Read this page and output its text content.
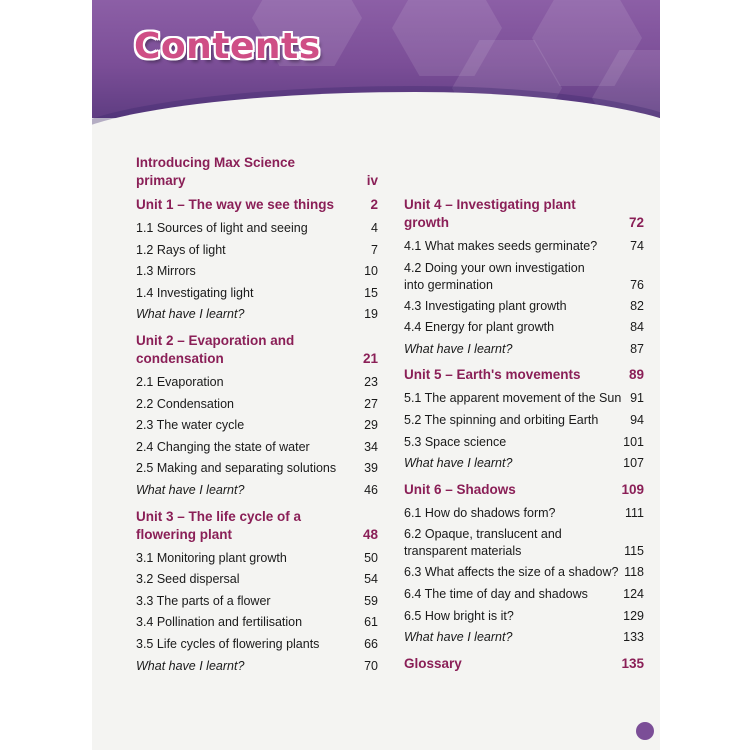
Contents
Introducing Max Science primary	iv
Unit 1 – The way we see things	2
1.1 Sources of light and seeing	4
1.2 Rays of light	7
1.3 Mirrors	10
1.4 Investigating light	15
What have I learnt?	19
Unit 2 – Evaporation and condensation	21
2.1 Evaporation	23
2.2 Condensation	27
2.3 The water cycle	29
2.4 Changing the state of water	34
2.5 Making and separating solutions 39
What have I learnt?	46
Unit 3 – The life cycle of a flowering plant	48
3.1 Monitoring plant growth	50
3.2 Seed dispersal	54
3.3 The parts of a flower	59
3.4 Pollination and fertilisation	61
3.5 Life cycles of flowering plants	66
What have I learnt?	70
Unit 4 – Investigating plant growth	72
4.1 What makes seeds germinate?	74
4.2 Doing your own investigation into germination	76
4.3 Investigating plant growth	82
4.4 Energy for plant growth	84
What have I learnt?	87
Unit 5 – Earth's movements	89
5.1 The apparent movement of the Sun 91
5.2 The spinning and orbiting Earth	94
5.3 Space science	101
What have I learnt?	107
Unit 6 – Shadows	109
6.1 How do shadows form?	111
6.2 Opaque, translucent and transparent materials	115
6.3 What affects the size of a shadow? 118
6.4 The time of day and shadows	124
6.5 How bright is it?	129
What have I learnt?	133
Glossary	135
